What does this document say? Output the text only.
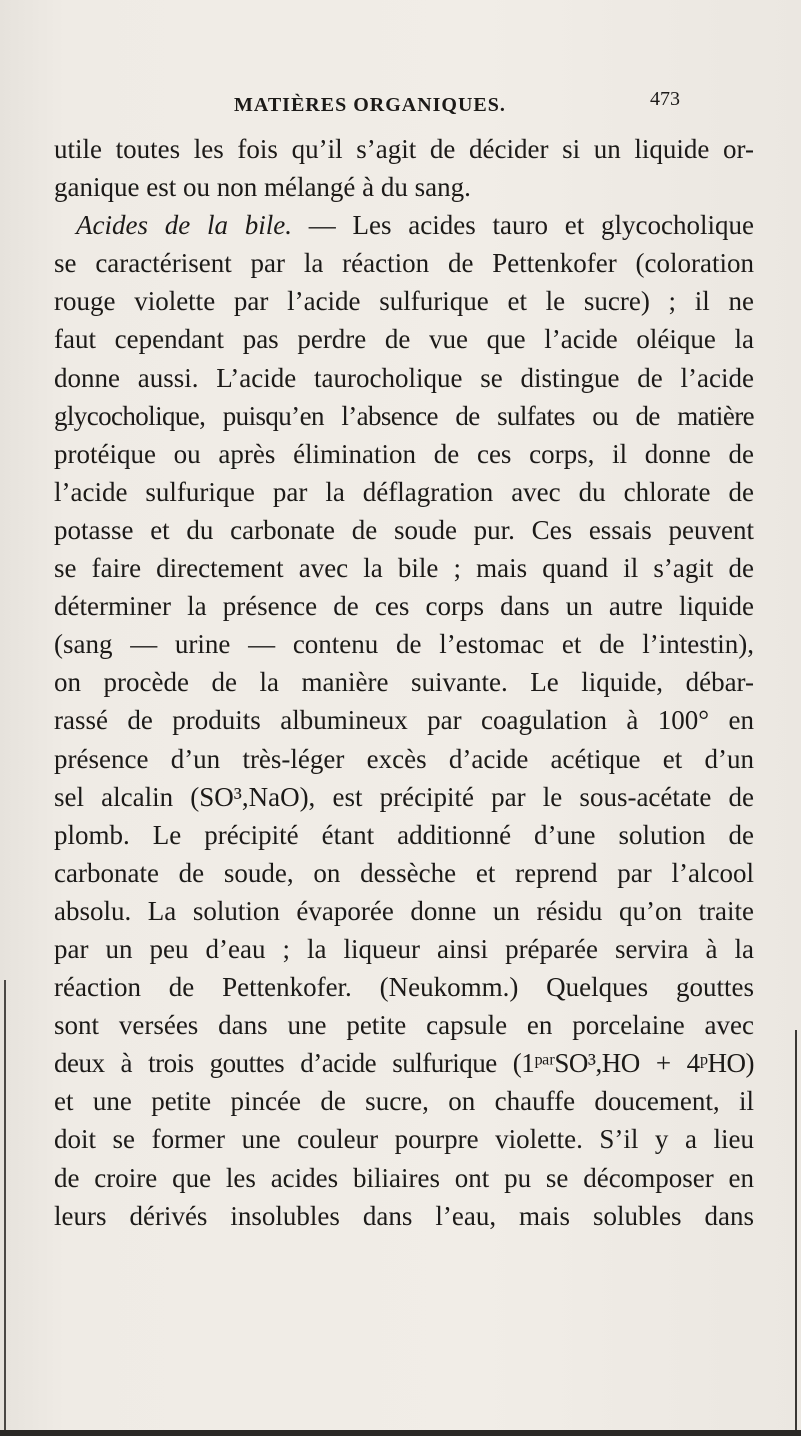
MATIÈRES ORGANIQUES.	473
utile toutes les fois qu’il s’agit de décider si un liquide or-
ganique est ou non mélangé à du sang.
Acides de la bile. — Les acides tauro et glycocholique
se caractérisent par la réaction de Pettenkofer (coloration
rouge violette par l’acide sulfurique et le sucre) ; il ne
faut cependant pas perdre de vue que l’acide oléique la
donne aussi. L’acide taurocholique se distingue de l’acide
glycocholique, puisqu’en l’absence de sulfates ou de matière
protéique ou après élimination de ces corps, il donne de
l’acide sulfurique par la déflagration avec du chlorate de
potasse et du carbonate de soude pur. Ces essais peuvent
se faire directement avec la bile ; mais quand il s’agit de
déterminer la présence de ces corps dans un autre liquide
(sang — urine — contenu de l’estomac et de l’intestin),
on procède de la manière suivante. Le liquide, débar-
rassé de produits albumineux par coagulation à 100° en
présence d’un très-léger excès d’acide acétique et d’un
sel alcalin (SO³,NaO), est précipité par le sous-acétate de
plomb. Le précipité étant additionné d’une solution de
carbonate de soude, on dessèche et reprend par l’alcool
absolu. La solution évaporée donne un résidu qu’on traite
par un peu d’eau ; la liqueur ainsi préparée servira à la
réaction de Pettenkofer. (Neukomm.) Quelques gouttes
sont versées dans une petite capsule en porcelaine avec
deux à trois gouttes d’acide sulfurique (1ᵖᵃʳSO³,HO + 4ᵖHO)
et une petite pincée de sucre, on chauffe doucement, il
doit se former une couleur pourpre violette. S’il y a lieu
de croire que les acides biliaires ont pu se décomposer en
leurs dérivés insolubles dans l’eau, mais solubles dans
